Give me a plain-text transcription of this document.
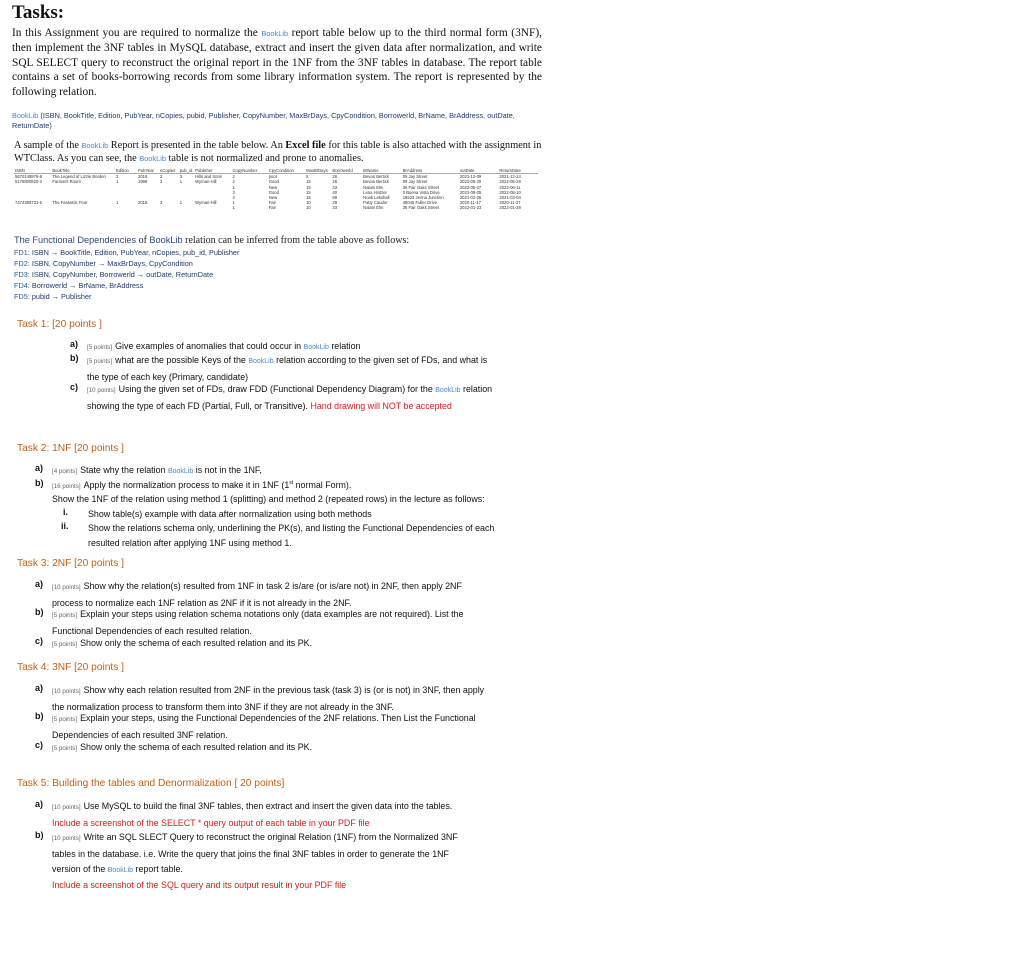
Tasks:

In this Assignment you are required to normalize the BookLib report table below up to the third normal form (3NF), then implement the 3NF tables in MySQL database, extract and insert the given data after normalization, and write SQL SELECT query to reconstruct the original report in the 1NF from the 3NF tables in database. The report table contains a set of books-borrowing records from some library information system. The report is represented by the following relation.

BookLib (ISBN, BookTitle, Edition, PubYear, nCopies, pubid, Publisher, CopyNumber, MaxBrDays, CpyCondition, Borrowerld, BrName, BrAddress, outDate, ReturnDate)

A sample of the BookLib Report is presented in the table below. An Excel file for this table is also attached with the assignment in WTClass. As you can see, the BookLib table is not normalized and prone to anomalies.

ISBN	BookTitle	Edition	PubYear	nCopies	pub_id	Publisher	CopyNumber	CpyCondition	MaxBrDays	Borrowerld	BrName	BrAddress	outDate	ReturnDate
5670148976-8	The Legend of Lizzie Borden	2	2016	2	3	Hills and Sons	2	poor	5	26	Bevan Bertick	09 Jay Street	2021-12-09	2021-12-14
5176800820-3	Farmat's Room	1	1998	3	1	Wyman-Hill	2	Good	15	26	Bevan Bertick	09 Jay Street	2022-05-20	2022-05-28
							1	New	15	33	Nalani Elm	36 Fair Oaks Street	2022-05-27	2022-06-11
							3	Good	15	40	Lena Hintzer	0 Buena Vista Drive	2022-08-05	2022-08-10
							2	New	15	89	Noak Lekshall	18523 Jenna Junction	2021-02-26	2021-03-04
7474359731-5	The Fantastic Four	1	2015	3	1	Wyman-Hill	1	Fair	10	28	Patty Caudor	48045 Fuller Drive	2020-11-17	2020-11-27
							1	Fair	10	33	Nalani Elm	36 Fair Oaks Street	2022-01-23	2022-01-28
The Functional Dependencies of BookLib relation can be inferred from the table above as follows:
FD1: ISBN → BookTitle, Edition, PubYear, nCopies, pub_id, Publisher
FD2: ISBN, CopyNumber → MaxBrDays, CpyCondition
FD3: ISBN, CopyNumber, Borrowerld → outDate, ReturnDate
FD4: Borrowerld → BrName, BrAddress
FD5: pubid → Publisher
Task 1: [20 points ]
a) [5 points] Give examples of anomalies that could occur in BookLib relation
b) [5 points] what are the possible Keys of the BookLib relation according to the given set of FDs, and what is
the type of each key (Primary, candidate)
c) [10 points] Using the given set of FDs, draw FDD (Functional Dependency Diagram) for the BookLib relation
showing the type of each FD (Partial, Full, or Transitive). Hand drawing will NOT be accepted
Task 2: 1NF [20 points ]
a) [4 points] State why the relation BookLib is not in the 1NF,
b) [16 points] Apply the normalization process to make it in 1NF (1st normal Form).
Show the 1NF of the relation using method 1 (splitting) and method 2 (repeated rows) in the lecture as follows:
i. Show table(s) example with data after normalization using both methods
ii. Show the relations schema only, underlining the PK(s), and listing the Functional Dependencies of each
resulted relation after applying 1NF using method 1.
Task 3: 2NF [20 points ]
a) [10 points] Show why the relation(s) resulted from 1NF in task 2 is/are (or is/are not) in 2NF, then apply 2NF
process to normalize each 1NF relation as 2NF if it is not already in the 2NF.
b) [5 points] Explain your steps using relation schema notations only (data examples are not required). List the
Functional Dependencies of each resulted relation.
c) [5 points] Show only the schema of each resulted relation and its PK.
Task 4: 3NF [20 points ]
a) [10 points] Show why each relation resulted from 2NF in the previous task (task 3) is (or is not) in 3NF, then apply
the normalization process to transform them into 3NF if they are not already in the 3NF.
b) [5 points] Explain your steps, using the Functional Dependencies of the 2NF relations. Then List the Functional
Dependencies of each resulted 3NF relation.
c) [5 points] Show only the schema of each resulted relation and its PK.
Task 5: Building the tables and Denormalization [ 20 points]
a) [10 points] Use MySQL to build the final 3NF tables, then extract and insert the given data into the tables.
Include a screenshot of the SELECT * query output of each table in your PDF file
b) [10 points] Write an SQL SLECT Query to reconstruct the original Relation (1NF) from the Normalized 3NF
tables in the database. i.e. Write the query that joins the final 3NF tables in order to generate the 1NF
version of the BookLib report table.
Include a screenshot of the SQL query and its output result in your PDF file
